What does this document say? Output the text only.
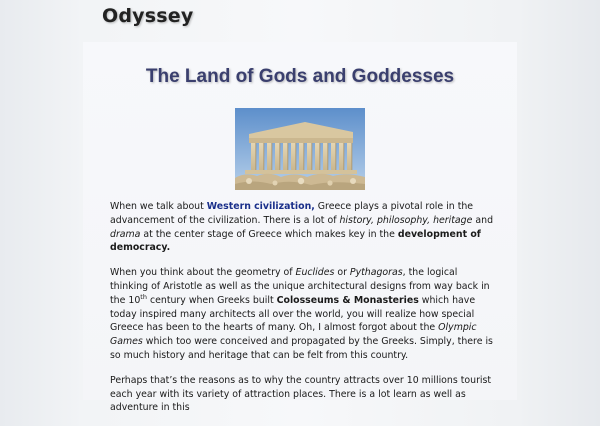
Odyssey
The Land of Gods and Goddesses

When we talk about Western civilization, Greece plays a pivotal role in the advancement of the civilization. There is a lot of history, philosophy, heritage and drama at the center stage of Greece which makes key in the development of democracy.

When you think about the geometry of Euclides or Pythagoras, the logical thinking of Aristotle as well as the unique architectural designs from way back in the 10th century when Greeks built Colosseums & Monasteries which have today inspired many architects all over the world, you will realize how special Greece has been to the hearts of many. Oh, I almost forgot about the Olympic Games which too were conceived and propagated by the Greeks. Simply, there is so much history and heritage that can be felt from this country.

Perhaps that’s the reasons as to why the country attracts over 10 millions tourist each year with its variety of attraction places. There is a lot learn as well as adventure in this
